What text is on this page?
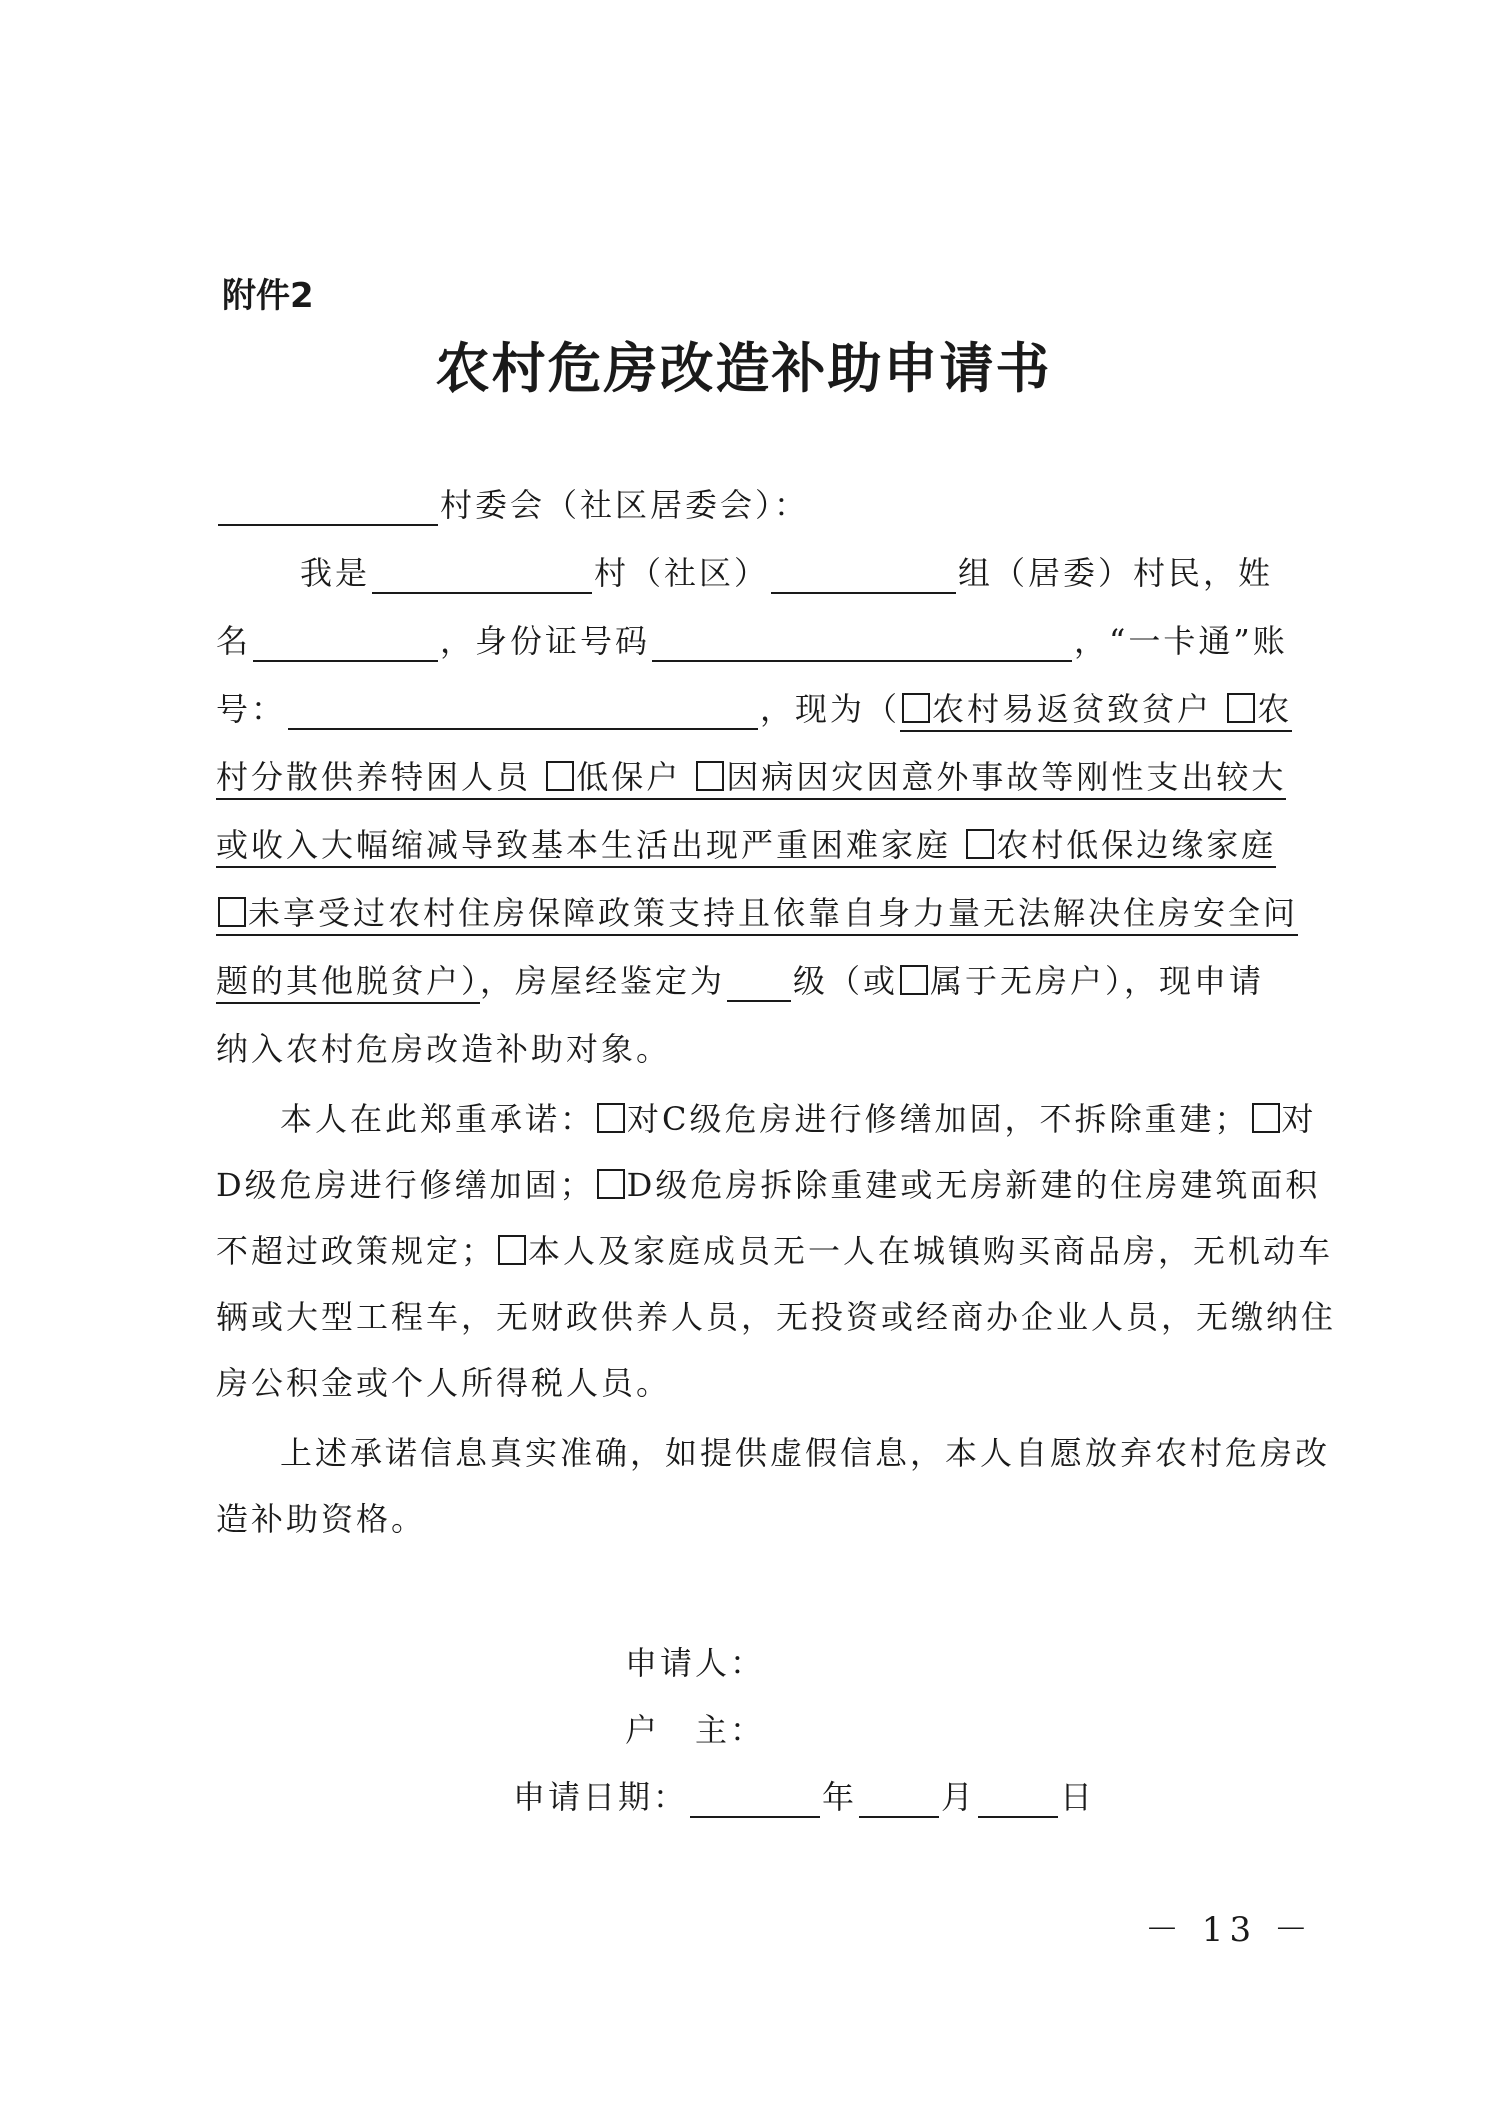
附件2
农村危房改造补助申请书
村委会（社区居委会）：
我是	村（社区）	组（居委）村民，姓
名	，身份证号码	，“一卡通”账
号：	，现为（ 农村易返贫致贫户 农
村分散供养特困人员 低保户 因病因灾因意外事故等刚性支出较大
或收入大幅缩减导致基本生活出现严重困难家庭 农村低保边缘家庭
未享受过农村住房保障政策支持且依靠自身力量无法解决住房安全问
题的其他脱贫户），房屋经鉴定为 级（或 属于无房户），现申请
纳入农村危房改造补助对象。
本人在此郑重承诺： 对C级危房进行修缮加固，不拆除重建； 对
D级危房进行修缮加固； D级危房拆除重建或无房新建的住房建筑面积
不超过政策规定； 本人及家庭成员无一人在城镇购买商品房，无机动车
辆或大型工程车，无财政供养人员，无投资或经商办企业人员，无缴纳住
房公积金或个人所得税人员。
上述承诺信息真实准确，如提供虚假信息，本人自愿放弃农村危房改
造补助资格。
申请人：
户　主：
申请日期：	年	月	日
－ 13 －
